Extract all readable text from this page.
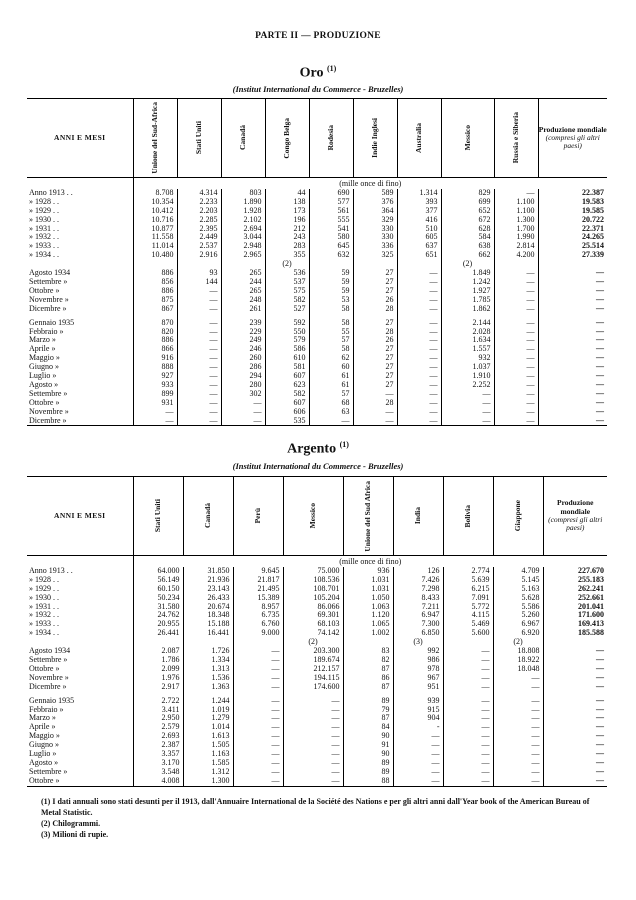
PARTE II — PRODUZIONE
Oro $^{(1)}$
(Institut International du Commerce - Bruzelles)
ANNI E MESI	Unione del Sud-Africa	Stati Uniti	Canadà	Congo Belga	Rodesia	Indie Inglesi	Australia	Messico	Russia e Siberia	Produzione mondiale
(compresi gli altri paesi)

	(mille once di fino)									
Anno 1913 . .	8.708	4.314	803	44	690	589	1.314	829	—	22.387
» 1928 . .	10.354	2.233	1.890	138	577	376	393	699	1.100	19.583
» 1929 . .	10.412	2.203	1.928	173	561	364	377	652	1.100	19.585
» 1930 . .	10.716	2.285	2.102	196	555	329	416	672	1.300	20.722
» 1931 . .	10.877	2.395	2.694	212	541	330	510	628	1.700	22.371
» 1932 . .	11.558	2.449	3.044	243	580	330	605	584	1.990	24.265
» 1933 . .	11.014	2.537	2.948	283	645	336	637	638	2.814	25.514
» 1934 . .	10.480	2.916	2.965	355	632	325	651	662	4.200	27.339
				(2)				(2)		
Agosto 1934	886	93	265	536	59	27	—	1.849	—	—
Settembre »	856	144	244	537	59	27	—	1.242	—	—
Ottobre »	886	—	265	575	59	27	—	1.927	—	—
Novembre »	875	—	248	582	53	26	—	1.785	—	—
Dicembre »	867	—	261	527	58	28	—	1.862	—	—

Gennaio 1935	870	—	239	592	58	27	—	2.144	—	—
Febbraio »	820	—	229	550	55	28	—	2.028	—	—
Marzo »	886	—	249	579	57	26	—	1.634	—	—
Aprile »	866	—	246	586	58	27	—	1.557	—	—
Maggio »	916	—	260	610	62	27	—	932	—	—
Giugno »	888	—	286	581	60	27	—	1.037	—	—
Luglio »	927	—	294	607	61	27	—	1.910	—	—
Agosto »	933	—	280	623	61	27	—	2.252	—	—
Settembre »	899	—	302	582	57	—	—	—	—	—
Ottobre »	931	—	—	607	68	28	—	—	—	—
Novembre »	—	—	—	606	63	—	—	—	—	—
Dicembre »	—	—	—	535	—	—	—	—	—	—
Argento $^{(1)}$
(Institut International du Commerce - Bruzelles)
ANNI E MESI	Stati Uniti	Canadà	Perù	Messico	Unione del Sud Africa	India	Bolivia	Giappone	Produzione mondiale
(compresi gli altri paesi)

	(mille once di fino)								
Anno 1913 . .	64.000	31.850	9.645	75.000	936	126	2.774	4.709	227.670
» 1928 . .	56.149	21.936	21.817	108.536	1.031	7.426	5.639	5.145	255.183
» 1929 . .	60.150	23.143	21.495	108.701	1.031	7.298	6.215	5.163	262.241
» 1930 . .	50.234	26.433	15.389	105.204	1.050	8.433	7.091	5.628	252.661
» 1931 . .	31.580	20.674	8.957	86.066	1.063	7.211	5.772	5.586	201.041
» 1932 . .	24.762	18.348	6.735	69.301	1.120	6.947	4.115	5.260	171.600
» 1933 . .	20.955	15.188	6.760	68.103	1.065	7.300	5.469	6.967	169.413
» 1934 . .	26.441	16.441	9.000	74.142	1.002	6.850	5.600	6.920	185.588
				(2)		(3)		(2)	
Agosto 1934	2.087	1.726	—	203.300	83	992	—	18.808	—
Settembre »	1.786	1.334	—	189.674	82	986	—	18.922	—
Ottobre »	2.099	1.313	—	212.157	87	978	—	18.048	—
Novembre »	1.976	1.536	—	194.115	86	967	—	—	—
Dicembre »	2.917	1.363	—	174.600	87	951	—	—	—

Gennaio 1935	2.722	1.244	—	—	89	939	—	—	—
Febbraio »	3.411	1.019	—	—	79	915	—	—	—
Marzo »	2.950	1.279	—	—	87	904	—	—	—
Aprile »	2.579	1.014	—	—	84	-	—	—	—
Maggio »	2.693	1.613	—	—	90	—	—	—	—
Giugno »	2.387	1.505	—	—	91	—	—	—	—
Luglio »	3.357	1.163	—	—	90	—	—	—	—
Agosto »	3.170	1.585	—	—	89	—	—	—	—
Settembre »	3.548	1.312	—	—	89	—	—	—	—
Ottobre »	4.008	1.300	—	—	88	—	—	—	—
(1) I dati annuali sono stati desunti per il 1913, dall'Annuaire International de la Société des Nations e per gli altri anni dall'Year book of the American Bureau of Metal Statistic.
(2) Chilogrammi.
(3) Milioni di rupie.
